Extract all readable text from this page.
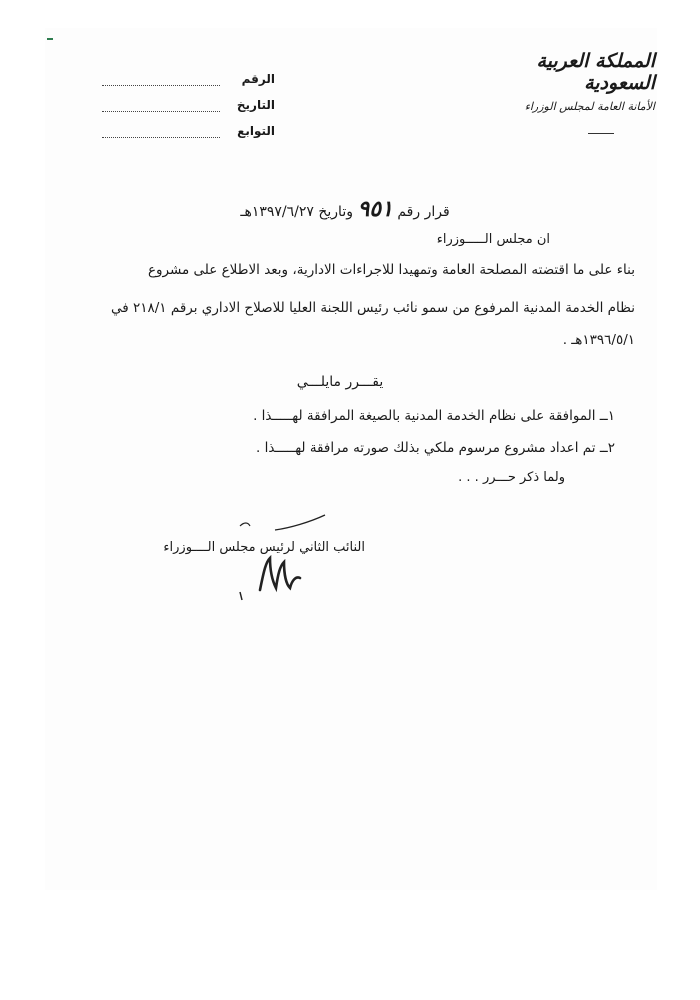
المملكة العربية السعودية
الأمانة العامة لمجلس الوزراء
الرقم
التاريخ
التوابع
قرار رقم ٩٥١ وتاريخ ١٣٩٧/٦/٢٧هـ
ان مجلس الـــــوزراء
بناء على ما اقتضته المصلحة العامة وتمهيدا للاجراءات الادارية، وبعد الاطلاع على مشروع
نظام الخدمة المدنية المرفوع من سمو نائب رئيس اللجنة العليا للاصلاح الاداري برقم ٢١٨/١ في
١٣٩٦/٥/١هـ .
يقـــرر مايلـــي
١ــ الموافقة على نظام الخدمة المدنية بالصيغة المرافقة لهـــــذا .
٢ــ تم اعداد مشروع مرسوم ملكي بذلك صورته مرافقة لهـــــذا .
ولما ذكر حـــرر . . .
النائب الثاني لرئيس مجلس الــــوزراء
